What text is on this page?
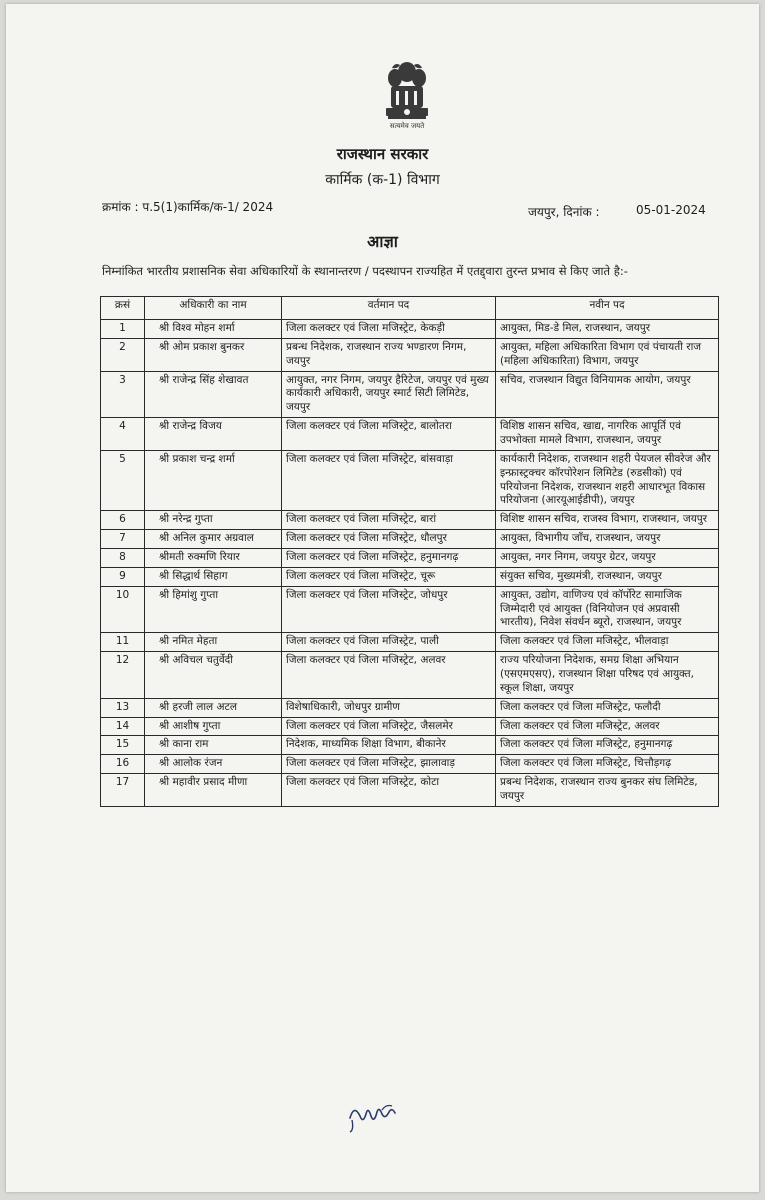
सत्यमेव जयते
राजस्थान सरकार
कार्मिक (क-1) विभाग
क्रमांक : प.5(1)कार्मिक/क-1/ 2024	जयपुर, दिनांक :	05-01-2024
आज्ञा
निम्नांकित भारतीय प्रशासनिक सेवा अधिकारियों के स्थानान्तरण / पदस्थापन राज्यहित में एतद्द्वारा तुरन्त प्रभाव से किए जाते है:-
क्रसं	अधिकारी का नाम	वर्तमान पद	नवीन पद
1	श्री विश्व मोहन शर्मा	जिला कलक्टर एवं जिला मजिस्ट्रेट, केकड़ी	आयुक्त, मिड-डे मिल, राजस्थान, जयपुर
2	श्री ओम प्रकाश बुनकर	प्रबन्ध निदेशक, राजस्थान राज्य भण्डारण निगम, जयपुर	आयुक्त, महिला अधिकारिता विभाग एवं पंचायती राज (महिला अधिकारिता) विभाग, जयपुर
3	श्री राजेन्द्र सिंह शेखावत	आयुक्त, नगर निगम, जयपुर हैरिटेज, जयपुर एवं मुख्य कार्यकारी अधिकारी, जयपुर स्मार्ट सिटी लिमिटेड, जयपुर	सचिव, राजस्थान विद्युत विनियामक आयोग, जयपुर
4	श्री राजेन्द्र विजय	जिला कलक्टर एवं जिला मजिस्ट्रेट, बालोतरा	विशिष्ठ शासन सचिव, खाद्य, नागरिक आपूर्ति एवं उपभोक्ता मामले विभाग, राजस्थान, जयपुर
5	श्री प्रकाश चन्द्र शर्मा	जिला कलक्टर एवं जिला मजिस्ट्रेट, बांसवाड़ा	कार्यकारी निदेशक, राजस्थान शहरी पेयजल सीवरेज और इन्फ्रास्ट्रक्चर कॉरपोरेशन लिमिटेड (रुडसीको) एवं परियोजना निदेशक, राजस्थान शहरी आधारभूत विकास परियोजना (आरयूआईडीपी), जयपुर
6	श्री नरेन्द्र गुप्ता	जिला कलक्टर एवं जिला मजिस्ट्रेट, बारां	विशिष्ट शासन सचिव, राजस्व विभाग, राजस्थान, जयपुर
7	श्री अनिल कुमार अग्रवाल	जिला कलक्टर एवं जिला मजिस्ट्रेट, धौलपुर	आयुक्त, विभागीय जाँच, राजस्थान, जयपुर
8	श्रीमती रुक्मणि रियार	जिला कलक्टर एवं जिला मजिस्ट्रेट, हनुमानगढ़	आयुक्त, नगर निगम, जयपुर ग्रेटर, जयपुर
9	श्री सिद्धार्थ सिहाग	जिला कलक्टर एवं जिला मजिस्ट्रेट, चूरू	संयुक्त सचिव, मुख्यमंत्री, राजस्थान, जयपुर
10	श्री हिमांशु गुप्ता	जिला कलक्टर एवं जिला मजिस्ट्रेट, जोधपुर	आयुक्त, उद्योग, वाणिज्य एवं कॉर्पोरेट सामाजिक जिम्मेदारी एवं आयुक्त (विनियोजन एवं अप्रवासी भारतीय), निवेश संवर्धन ब्यूरो, राजस्थान, जयपुर
11	श्री नमित मेहता	जिला कलक्टर एवं जिला मजिस्ट्रेट, पाली	जिला कलक्टर एवं जिला मजिस्ट्रेट, भीलवाड़ा
12	श्री अविचल चतुर्वेदी	जिला कलक्टर एवं जिला मजिस्ट्रेट, अलवर	राज्य परियोजना निदेशक, समग्र शिक्षा अभियान (एसएमएसए), राजस्थान शिक्षा परिषद एवं आयुक्त, स्कूल शिक्षा, जयपुर
13	श्री हरजी लाल अटल	विशेषाधिकारी, जोधपुर ग्रामीण	जिला कलक्टर एवं जिला मजिस्ट्रेट, फलौदी
14	श्री आशीष गुप्ता	जिला कलक्टर एवं जिला मजिस्ट्रेट, जैसलमेर	जिला कलक्टर एवं जिला मजिस्ट्रेट, अलवर
15	श्री काना राम	निदेशक, माध्यमिक शिक्षा विभाग, बीकानेर	जिला कलक्टर एवं जिला मजिस्ट्रेट, हनुमानगढ़
16	श्री आलोक रंजन	जिला कलक्टर एवं जिला मजिस्ट्रेट, झालावाड़	जिला कलक्टर एवं जिला मजिस्ट्रेट, चित्तौड़गढ़
17	श्री महावीर प्रसाद मीणा	जिला कलक्टर एवं जिला मजिस्ट्रेट, कोटा	प्रबन्ध निदेशक, राजस्थान राज्य बुनकर संघ लिमिटेड, जयपुर
